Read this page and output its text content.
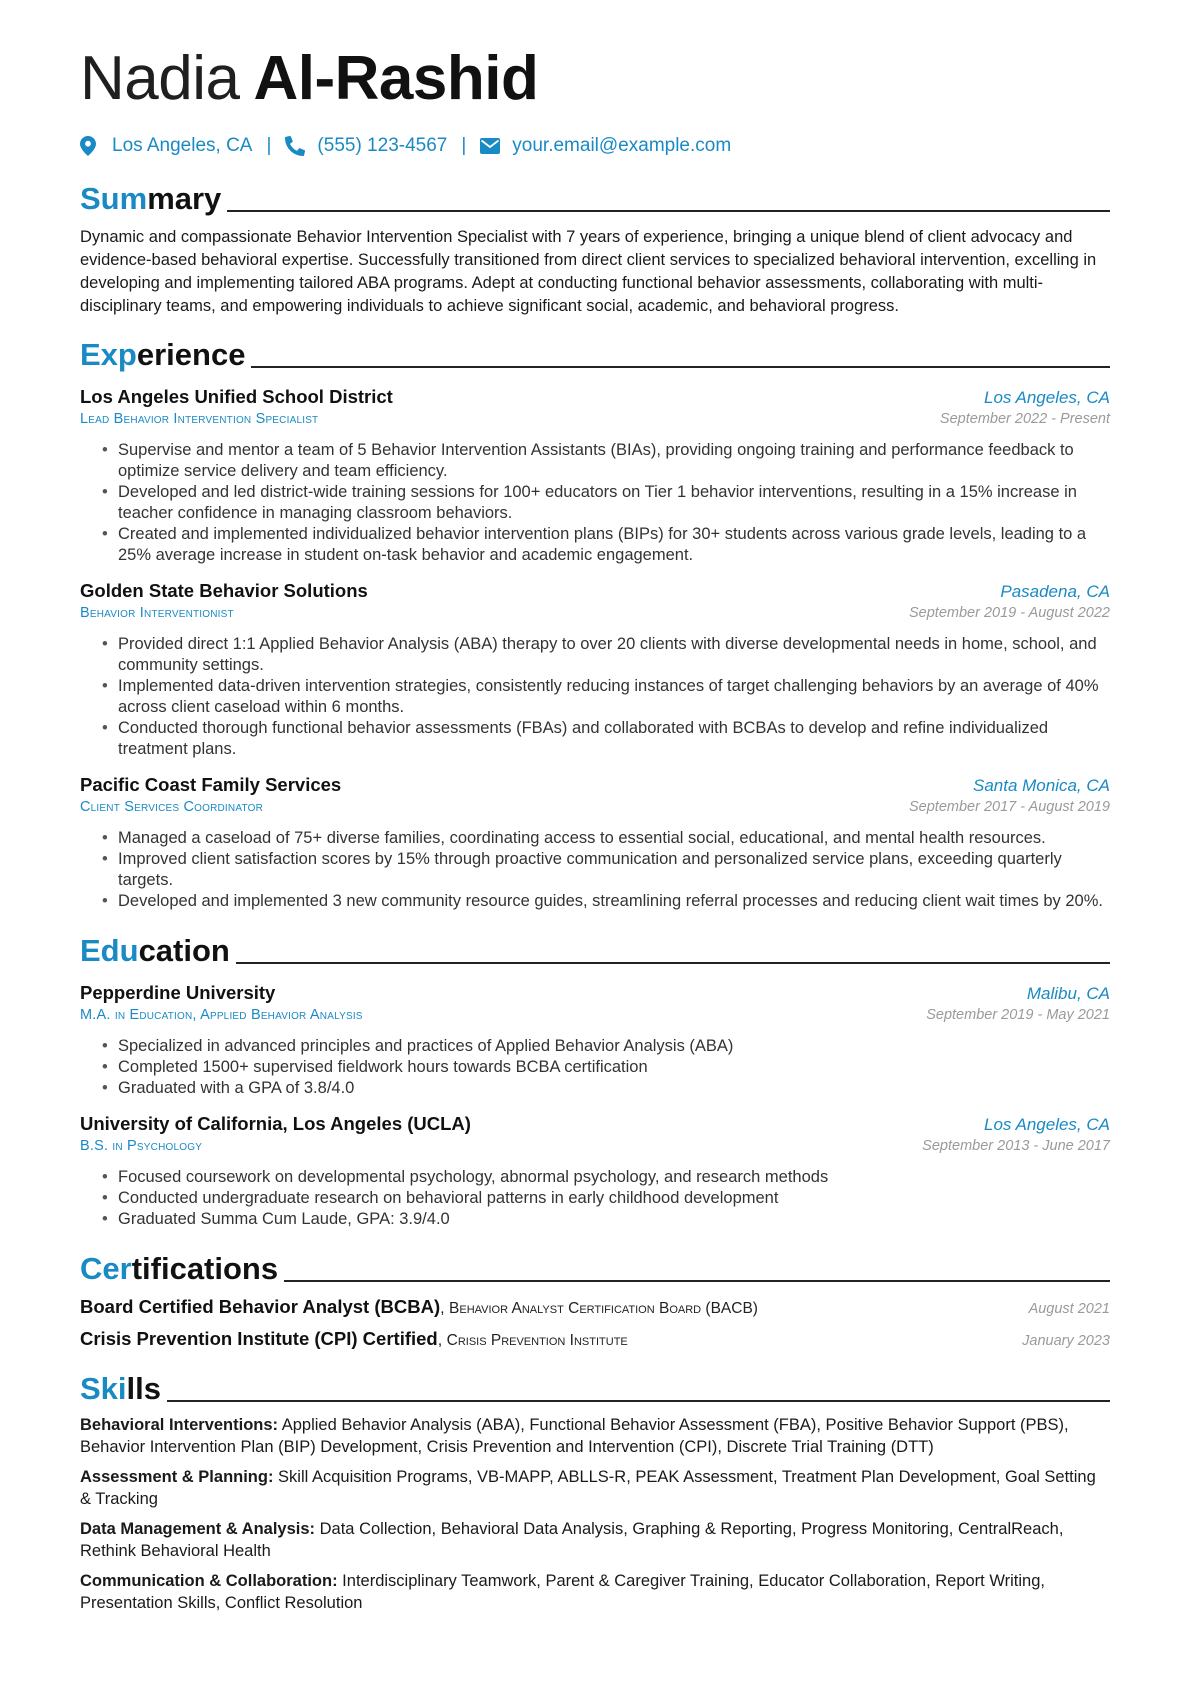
Nadia Al-Rashid
Los Angeles, CA | (555) 123-4567 | your.email@example.com
Summary
Dynamic and compassionate Behavior Intervention Specialist with 7 years of experience, bringing a unique blend of client advocacy and evidence-based behavioral expertise. Successfully transitioned from direct client services to specialized behavioral intervention, excelling in developing and implementing tailored ABA programs. Adept at conducting functional behavior assessments, collaborating with multi-disciplinary teams, and empowering individuals to achieve significant social, academic, and behavioral progress.
Experience
Los Angeles Unified School District	Los Angeles, CA
Lead Behavior Intervention Specialist	September 2022 - Present
• Supervise and mentor a team of 5 Behavior Intervention Assistants (BIAs), providing ongoing training and performance feedback to optimize service delivery and team efficiency.
• Developed and led district-wide training sessions for 100+ educators on Tier 1 behavior interventions, resulting in a 15% increase in teacher confidence in managing classroom behaviors.
• Created and implemented individualized behavior intervention plans (BIPs) for 30+ students across various grade levels, leading to a 25% average increase in student on-task behavior and academic engagement.
Golden State Behavior Solutions	Pasadena, CA
Behavior Interventionist	September 2019 - August 2022
• Provided direct 1:1 Applied Behavior Analysis (ABA) therapy to over 20 clients with diverse developmental needs in home, school, and community settings.
• Implemented data-driven intervention strategies, consistently reducing instances of target challenging behaviors by an average of 40% across client caseload within 6 months.
• Conducted thorough functional behavior assessments (FBAs) and collaborated with BCBAs to develop and refine individualized treatment plans.
Pacific Coast Family Services	Santa Monica, CA
Client Services Coordinator	September 2017 - August 2019
• Managed a caseload of 75+ diverse families, coordinating access to essential social, educational, and mental health resources.
• Improved client satisfaction scores by 15% through proactive communication and personalized service plans, exceeding quarterly targets.
• Developed and implemented 3 new community resource guides, streamlining referral processes and reducing client wait times by 20%.
Education
Pepperdine University	Malibu, CA
M.A. in Education, Applied Behavior Analysis	September 2019 - May 2021
• Specialized in advanced principles and practices of Applied Behavior Analysis (ABA)
• Completed 1500+ supervised fieldwork hours towards BCBA certification
• Graduated with a GPA of 3.8/4.0
University of California, Los Angeles (UCLA)	Los Angeles, CA
B.S. in Psychology	September 2013 - June 2017
• Focused coursework on developmental psychology, abnormal psychology, and research methods
• Conducted undergraduate research on behavioral patterns in early childhood development
• Graduated Summa Cum Laude, GPA: 3.9/4.0
Certifications
Board Certified Behavior Analyst (BCBA), Behavior Analyst Certification Board (BACB)	August 2021
Crisis Prevention Institute (CPI) Certified, Crisis Prevention Institute	January 2023
Skills
Behavioral Interventions: Applied Behavior Analysis (ABA), Functional Behavior Assessment (FBA), Positive Behavior Support (PBS), Behavior Intervention Plan (BIP) Development, Crisis Prevention and Intervention (CPI), Discrete Trial Training (DTT)
Assessment & Planning: Skill Acquisition Programs, VB-MAPP, ABLLS-R, PEAK Assessment, Treatment Plan Development, Goal Setting & Tracking
Data Management & Analysis: Data Collection, Behavioral Data Analysis, Graphing & Reporting, Progress Monitoring, CentralReach, Rethink Behavioral Health
Communication & Collaboration: Interdisciplinary Teamwork, Parent & Caregiver Training, Educator Collaboration, Report Writing, Presentation Skills, Conflict Resolution
